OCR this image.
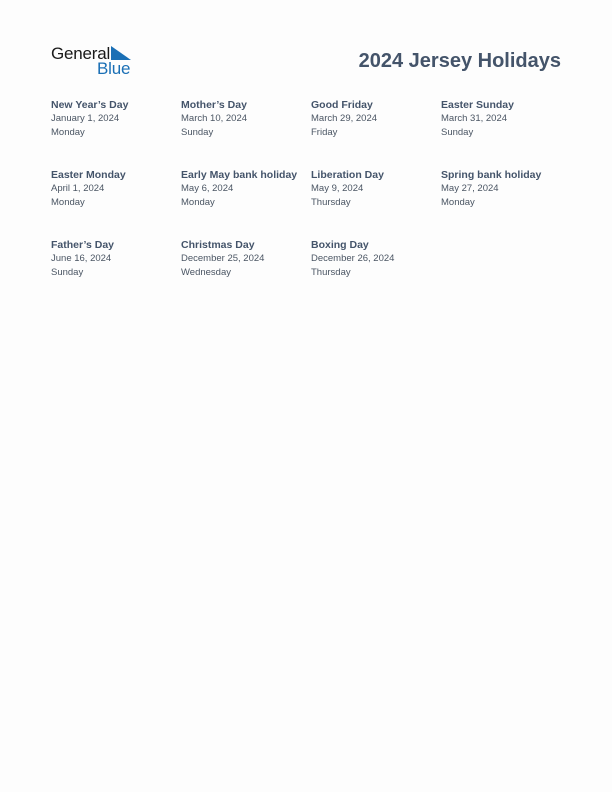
General
Blue	2024 Jersey Holidays
New Year’s Day
January 1, 2024
Monday
Mother’s Day
March 10, 2024
Sunday
Good Friday
March 29, 2024
Friday
Easter Sunday
March 31, 2024
Sunday
Easter Monday
April 1, 2024
Monday
Early May bank holiday
May 6, 2024
Monday
Liberation Day
May 9, 2024
Thursday
Spring bank holiday
May 27, 2024
Monday
Father’s Day
June 16, 2024
Sunday
Christmas Day
December 25, 2024
Wednesday
Boxing Day
December 26, 2024
Thursday
